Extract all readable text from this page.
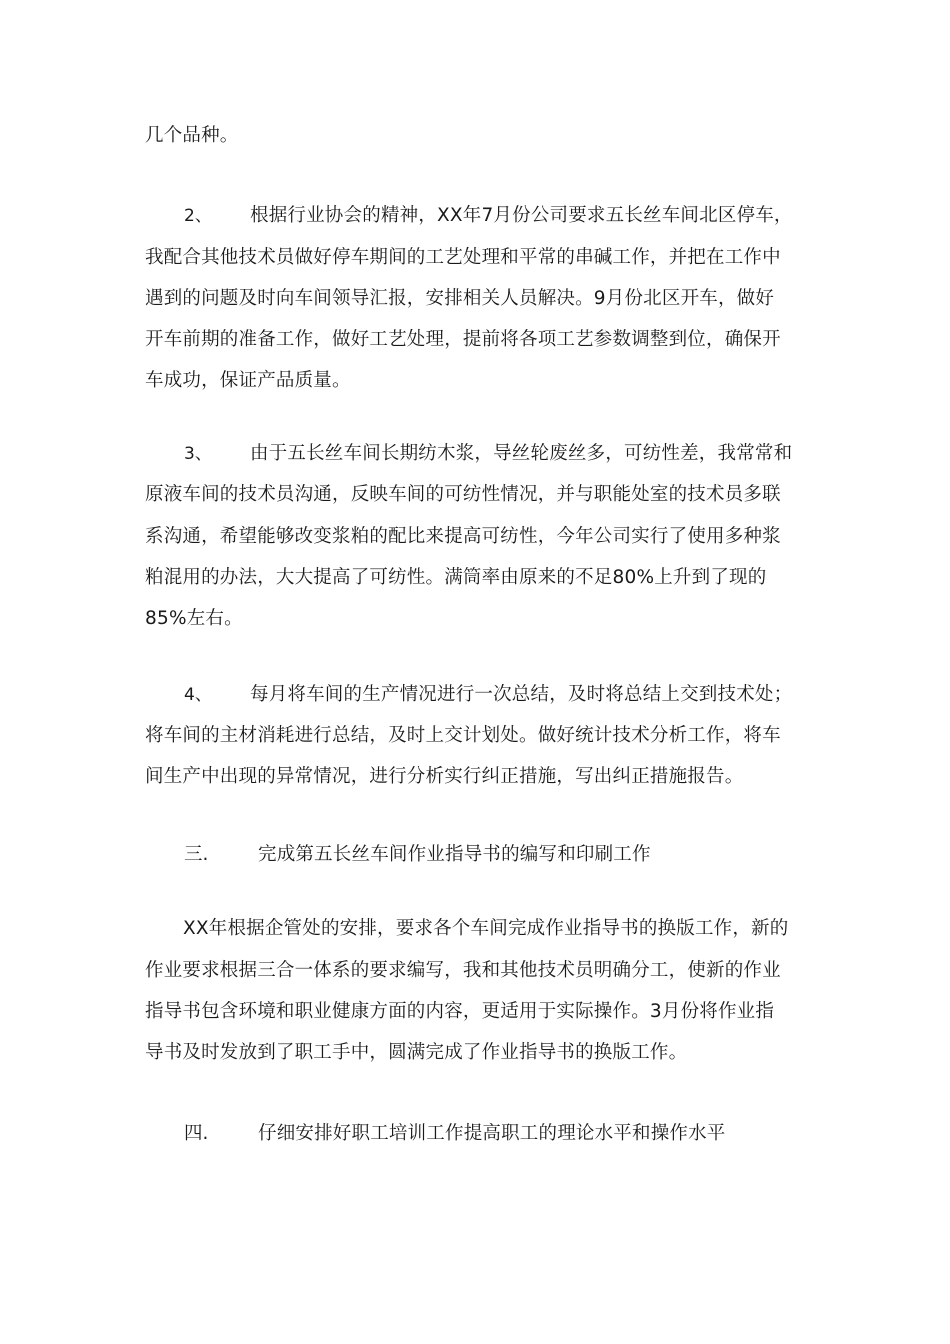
几个品种。
2、 根据行业协会的精神，XX年7月份公司要求五长丝车间北区停车，
我配合其他技术员做好停车期间的工艺处理和平常的串碱工作，并把在工作中
遇到的问题及时向车间领导汇报，安排相关人员解决。9月份北区开车，做好
开车前期的准备工作，做好工艺处理，提前将各项工艺参数调整到位，确保开
车成功，保证产品质量。
3、 由于五长丝车间长期纺木浆，导丝轮废丝多，可纺性差，我常常和
原液车间的技术员沟通，反映车间的可纺性情况，并与职能处室的技术员多联
系沟通，希望能够改变浆粕的配比来提高可纺性，今年公司实行了使用多种浆
粕混用的办法，大大提高了可纺性。满筒率由原来的不足80%上升到了现的
85%左右。
4、 每月将车间的生产情况进行一次总结，及时将总结上交到技术处；
将车间的主材消耗进行总结，及时上交计划处。做好统计技术分析工作，将车
间生产中出现的异常情况，进行分析实行纠正措施，写出纠正措施报告。
三.	完成第五长丝车间作业指导书的编写和印刷工作
XX年根据企管处的安排，要求各个车间完成作业指导书的换版工作，新的
作业要求根据三合一体系的要求编写，我和其他技术员明确分工，使新的作业
指导书包含环境和职业健康方面的内容，更适用于实际操作。3月份将作业指
导书及时发放到了职工手中，圆满完成了作业指导书的换版工作。
四.	仔细安排好职工培训工作提高职工的理论水平和操作水平
